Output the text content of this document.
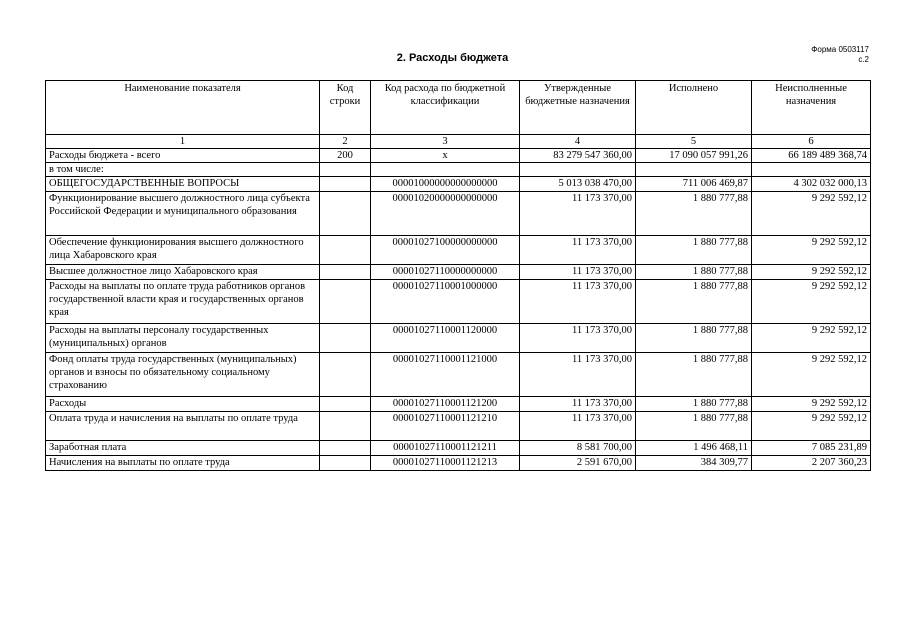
2. Расходы бюджета
Форма 0503117
с.2
Наименование показателя	Код строки	Код расхода по бюджетной классификации	Утвержденные бюджетные назначения	Исполнено	Неисполненные назначения
1	2	3	4	5	6
Расходы бюджета - всего	200	x	83 279 547 360,00	17 090 057 991,26	66 189 489 368,74
в том числе:					
ОБЩЕГОСУДАРСТВЕННЫЕ ВОПРОСЫ		00001000000000000000	5 013 038 470,00	711 006 469,87	4 302 032 000,13
Функционирование высшего должностного лица субъекта Российской Федерации и муниципального образования		00001020000000000000	11 173 370,00	1 880 777,88	9 292 592,12
Обеспечение функционирования высшего должностного лица Хабаровского края		00001027100000000000	11 173 370,00	1 880 777,88	9 292 592,12
Высшее должностное лицо Хабаровского края		00001027110000000000	11 173 370,00	1 880 777,88	9 292 592,12
Расходы на выплаты по оплате труда работников органов государственной власти края и государственных органов края		00001027110001000000	11 173 370,00	1 880 777,88	9 292 592,12
Расходы на выплаты персоналу государственных (муниципальных) органов		00001027110001120000	11 173 370,00	1 880 777,88	9 292 592,12
Фонд оплаты труда государственных (муниципальных) органов и взносы по обязательному социальному страхованию		00001027110001121000	11 173 370,00	1 880 777,88	9 292 592,12
Расходы		00001027110001121200	11 173 370,00	1 880 777,88	9 292 592,12
Оплата труда и начисления на выплаты по оплате труда		00001027110001121210	11 173 370,00	1 880 777,88	9 292 592,12
Заработная плата		00001027110001121211	8 581 700,00	1 496 468,11	7 085 231,89
Начисления на выплаты по оплате труда		00001027110001121213	2 591 670,00	384 309,77	2 207 360,23
